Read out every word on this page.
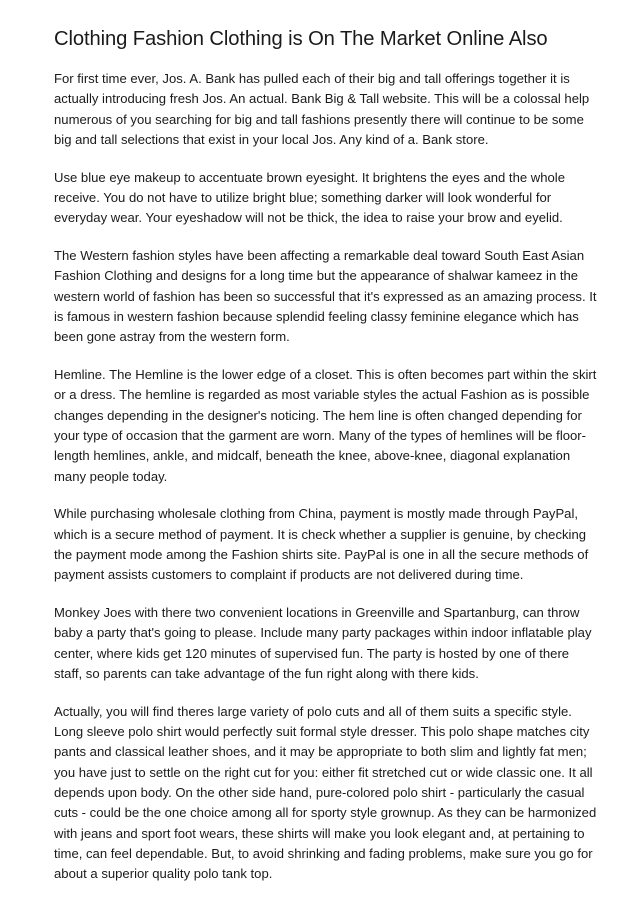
Clothing Fashion Clothing is On The Market Online Also

For first time ever, Jos. A. Bank has pulled each of their big and tall offerings together it is actually introducing fresh Jos. An actual. Bank Big & Tall website. This will be a colossal help numerous of you searching for big and tall fashions presently there will continue to be some big and tall selections that exist in your local Jos. Any kind of a. Bank store.

Use blue eye makeup to accentuate brown eyesight. It brightens the eyes and the whole receive. You do not have to utilize bright blue; something darker will look wonderful for everyday wear. Your eyeshadow will not be thick, the idea to raise your brow and eyelid.

The Western fashion styles have been affecting a remarkable deal toward South East Asian Fashion Clothing and designs for a long time but the appearance of shalwar kameez in the western world of fashion has been so successful that it's expressed as an amazing process. It is famous in western fashion because splendid feeling classy feminine elegance which has been gone astray from the western form.

Hemline. The Hemline is the lower edge of a closet. This is often becomes part within the skirt or a dress. The hemline is regarded as most variable styles the actual Fashion as is possible changes depending in the designer's noticing. The hem line is often changed depending for your type of occasion that the garment are worn. Many of the types of hemlines will be floor-length hemlines, ankle, and midcalf, beneath the knee, above-knee, diagonal explanation many people today.

While purchasing wholesale clothing from China, payment is mostly made through PayPal, which is a secure method of payment. It is check whether a supplier is genuine, by checking the payment mode among the Fashion shirts site. PayPal is one in all the secure methods of payment assists customers to complaint if products are not delivered during time.

Monkey Joes with there two convenient locations in Greenville and Spartanburg, can throw baby a party that's going to please. Include many party packages within indoor inflatable play center, where kids get 120 minutes of supervised fun. The party is hosted by one of there staff, so parents can take advantage of the fun right along with there kids.

Actually, you will find theres large variety of polo cuts and all of them suits a specific style. Long sleeve polo shirt would perfectly suit formal style dresser. This polo shape matches city pants and classical leather shoes, and it may be appropriate to both slim and lightly fat men; you have just to settle on the right cut for you: either fit stretched cut or wide classic one. It all depends upon body. On the other side hand, pure-colored polo shirt - particularly the casual cuts - could be the one choice among all for sporty style grownup. As they can be harmonized with jeans and sport foot wears, these shirts will make you look elegant and, at pertaining to time, can feel dependable. But, to avoid shrinking and fading problems, make sure you go for about a superior quality polo tank top.
